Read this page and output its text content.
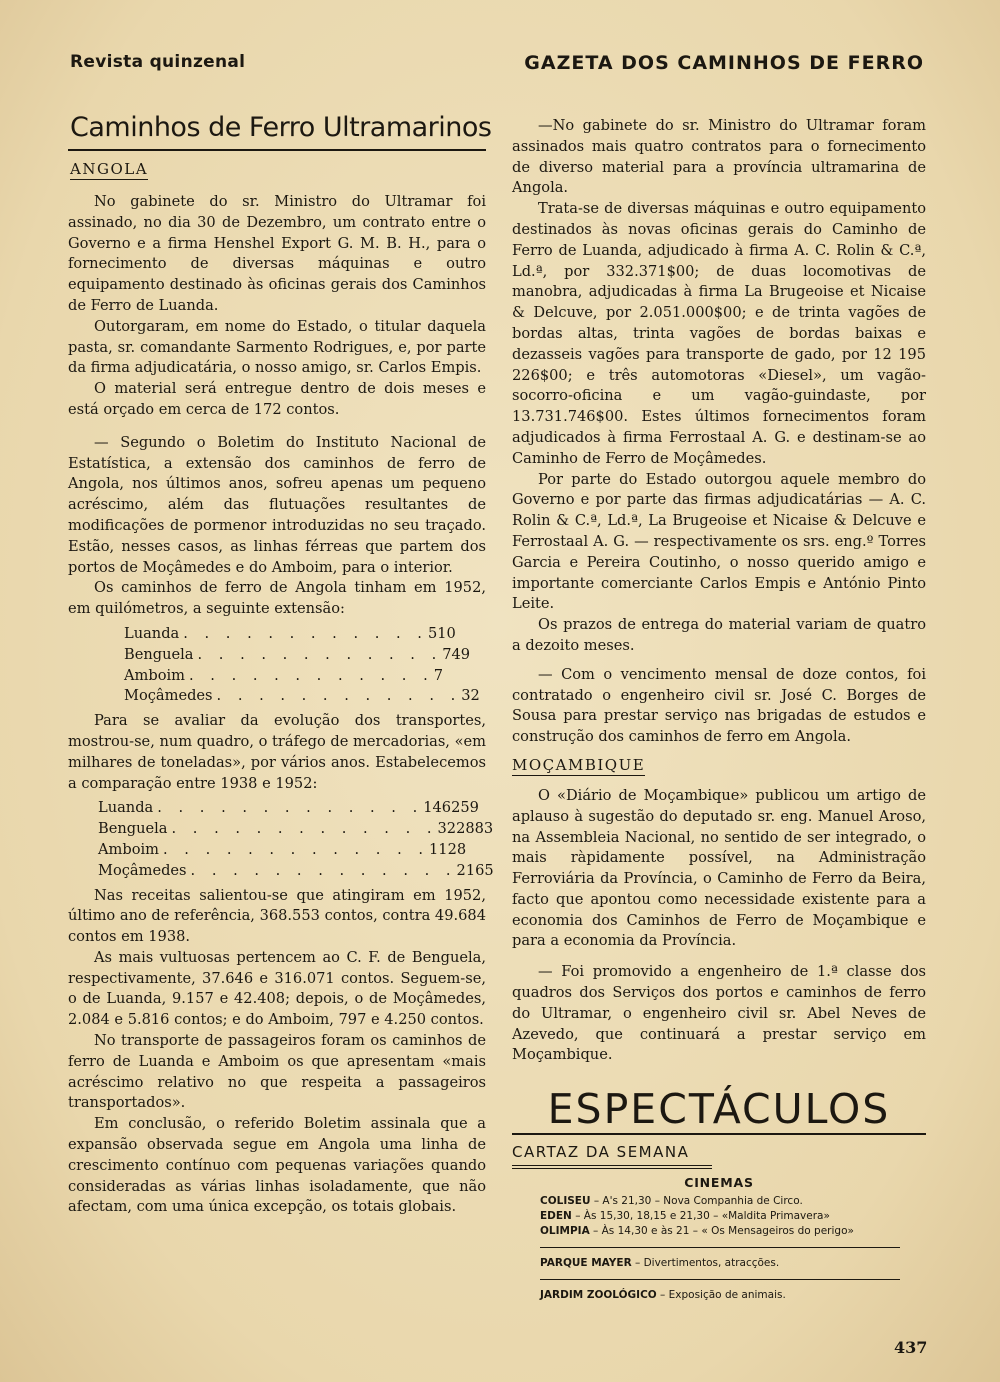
Revista quinzenal	GAZETA DOS CAMINHOS DE FERRO
Caminhos de Ferro Ultramarinos
ANGOLA

No gabinete do sr. Ministro do Ultramar foi assinado, no dia 30 de Dezembro, um contrato entre o Governo e a firma Henshel Export G. M. B. H., para o fornecimento de diversas máquinas e outro equipamento destinado às oficinas gerais dos Caminhos de Ferro de Luanda.

Outorgaram, em nome do Estado, o titular daquela pasta, sr. comandante Sarmento Rodrigues, e, por parte da firma adjudicatária, o nosso amigo, sr. Carlos Empis.

O material será entregue dentro de dois meses e está orçado em cerca de 172 contos.

— Segundo o Boletim do Instituto Nacional de Estatística, a extensão dos caminhos de ferro de Angola, nos últimos anos, sofreu apenas um pequeno acréscimo, além das flutuações resultantes de modificações de pormenor introduzidas no seu traçado. Estão, nesses casos, as linhas férreas que partem dos portos de Moçâmedes e do Amboim, para o interior.

Os caminhos de ferro de Angola tinham em 1952, em quilómetros, a seguinte extensão:

Luanda . . . . . . . . . . . . 510
Benguela . . . . . . . . . . . . 749
Amboim . . . . . . . . . . . . 7
Moçâmedes . . . . . . . . . . . . 32

Para se avaliar da evolução dos transportes, mostrou-se, num quadro, o tráfego de mercadorias, «em milhares de toneladas», por vários anos. Estabelecemos a comparação entre 1938 e 1952:

Luanda . . . . . . . . . . . . . 146 259
Benguela . . . . . . . . . . . . . 322 883
Amboim . . . . . . . . . . . . . 11 28
Moçâmedes . . . . . . . . . . . . . 21 65

Nas receitas salientou-se que atingiram em 1952, último ano de referência, 368.553 contos, contra 49.684 contos em 1938.

As mais vultuosas pertencem ao C. F. de Benguela, respectivamente, 37.646 e 316.071 contos. Seguem-se, o de Luanda, 9.157 e 42.408; depois, o de Moçâmedes, 2.084 e 5.816 contos; e do Amboim, 797 e 4.250 contos.

No transporte de passageiros foram os caminhos de ferro de Luanda e Amboim os que apresentam «mais acréscimo relativo no que respeita a passageiros transportados».

Em conclusão, o referido Boletim assinala que a expansão observada segue em Angola uma linha de crescimento contínuo com pequenas variações quando consideradas as várias linhas isoladamente, que não afectam, com uma única excepção, os totais globais.

—No gabinete do sr. Ministro do Ultramar foram assinados mais quatro contratos para o fornecimento de diverso material para a província ultramarina de Angola.

Trata-se de diversas máquinas e outro equipamento destinados às novas oficinas gerais do Caminho de Ferro de Luanda, adjudicado à firma A. C. Rolin & C.ª, Ld.ª, por 332.371$00; de duas locomotivas de manobra, adjudicadas à firma La Brugeoise et Nicaise & Delcuve, por 2.051.000$00; e de trinta vagões de bordas altas, trinta vagões de bordas baixas e dezasseis vagões para transporte de gado, por 12 195 226$00; e três automotoras «Diesel», um vagão-socorro-oficina e um vagão-guindaste, por 13.731.746$00. Estes últimos fornecimentos foram adjudicados à firma Ferrostaal A. G. e destinam-se ao Caminho de Ferro de Moçâmedes.

Por parte do Estado outorgou aquele membro do Governo e por parte das firmas adjudicatárias — A. C. Rolin & C.ª, Ld.ª, La Brugeoise et Nicaise & Delcuve e Ferrostaal A. G. — respectivamente os srs. eng.º Torres Garcia e Pereira Coutinho, o nosso querido amigo e importante comerciante Carlos Empis e António Pinto Leite.

Os prazos de entrega do material variam de quatro a dezoito meses.

— Com o vencimento mensal de doze contos, foi contratado o engenheiro civil sr. José C. Borges de Sousa para prestar serviço nas brigadas de estudos e construção dos caminhos de ferro em Angola.

MOÇAMBIQUE

O «Diário de Moçambique» publicou um artigo de aplauso à sugestão do deputado sr. eng. Manuel Aroso, na Assembleia Nacional, no sentido de ser integrado, o mais ràpidamente possível, na Administração Ferroviária da Província, o Caminho de Ferro da Beira, facto que apontou como necessidade existente para a economia dos Caminhos de Ferro de Moçambique e para a economia da Província.

— Foi promovido a engenheiro de 1.ª classe dos quadros dos Serviços dos portos e caminhos de ferro do Ultramar, o engenheiro civil sr. Abel Neves de Azevedo, que continuará a prestar serviço em Moçambique.

ESPECTÁCULOS
CARTAZ DA SEMANA
CINEMAS
COLISEU – A's 21,30 – Nova Companhia de Circo.
EDEN – Às 15,30, 18,15 e 21,30 – «Maldita Primavera»
OLIMPIA – Às 14,30 e às 21 – « Os Mensageiros do perigo»
PARQUE MAYER – Divertimentos, atracções.
JARDIM ZOOLÓGICO – Exposição de animais.
437
